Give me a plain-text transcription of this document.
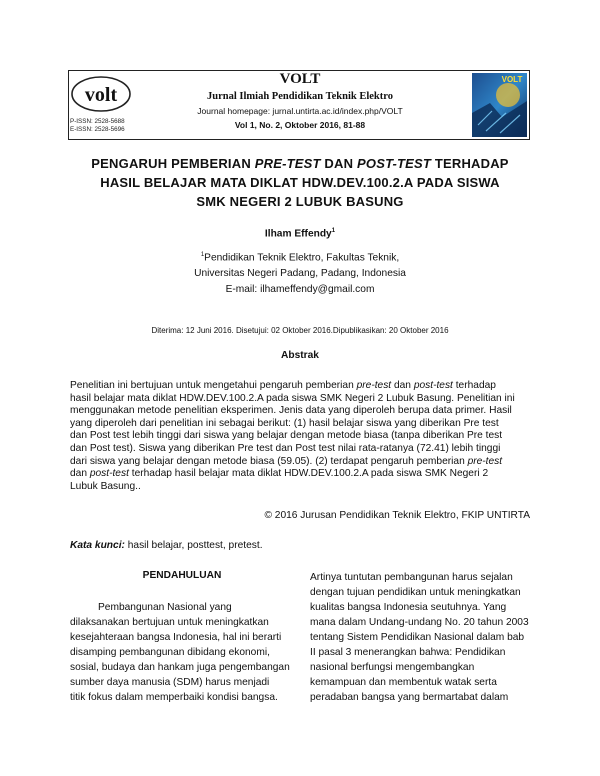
volt
P-ISSN: 2528-5688
E-ISSN: 2528-5696
VOLT
Jurnal Ilmiah Pendidikan Teknik Elektro
Journal homepage: jurnal.untirta.ac.id/index.php/VOLT
Vol 1, No. 2, Oktober 2016, 81-88
VOLT
PENGARUH PEMBERIAN PRE-TEST DAN POST-TEST TERHADAP
HASIL BELAJAR MATA DIKLAT HDW.DEV.100.2.A PADA SISWA
SMK NEGERI 2 LUBUK BASUNG
Ilham Effendy$^1$
$^1$Pendidikan Teknik Elektro, Fakultas Teknik,
Universitas Negeri Padang, Padang, Indonesia
E-mail: ilhameffendy@gmail.com
Diterima: 12 Juni 2016. Disetujui: 02 Oktober 2016.Dipublikasikan: 20 Oktober 2016
Abstrak
Penelitian ini bertujuan untuk mengetahui pengaruh pemberian pre-test dan post-test terhadap
hasil belajar mata diklat HDW.DEV.100.2.A pada siswa SMK Negeri 2 Lubuk Basung. Penelitian ini
menggunakan metode penelitian eksperimen. Jenis data yang diperoleh berupa data primer. Hasil
yang diperoleh dari penelitian ini sebagai berikut: (1) hasil belajar siswa yang diberikan Pre test
dan Post test lebih tinggi dari siswa yang belajar dengan metode biasa (tanpa diberikan Pre test
dan Post test). Siswa yang diberikan Pre test dan Post test nilai rata-ratanya (72.41) lebih tinggi
dari siswa yang belajar dengan metode biasa (59.05). (2) terdapat pengaruh pemberian pre-test
dan post-test terhadap hasil belajar mata diklat HDW.DEV.100.2.A pada siswa SMK Negeri 2
Lubuk Basung..
© 2016 Jurusan Pendidikan Teknik Elektro, FKIP UNTIRTA
Kata kunci: hasil belajar, posttest, pretest.
PENDAHULUAN
Pembangunan Nasional yang
dilaksanakan bertujuan untuk meningkatkan
kesejahteraan bangsa Indonesia, hal ini berarti
disamping pembangunan dibidang ekonomi,
sosial, budaya dan hankam juga pengembangan
sumber daya manusia (SDM) harus menjadi
titik fokus dalam memperbaiki kondisi bangsa.
Artinya tuntutan pembangunan harus sejalan
dengan tujuan pendidikan untuk meningkatkan
kualitas bangsa Indonesia seutuhnya. Yang
mana dalam Undang-undang No. 20 tahun 2003
tentang Sistem Pendidikan Nasional dalam bab
II pasal 3 menerangkan bahwa: Pendidikan
nasional berfungsi mengembangkan
kemampuan dan membentuk watak serta
peradaban bangsa yang bermartabat dalam
